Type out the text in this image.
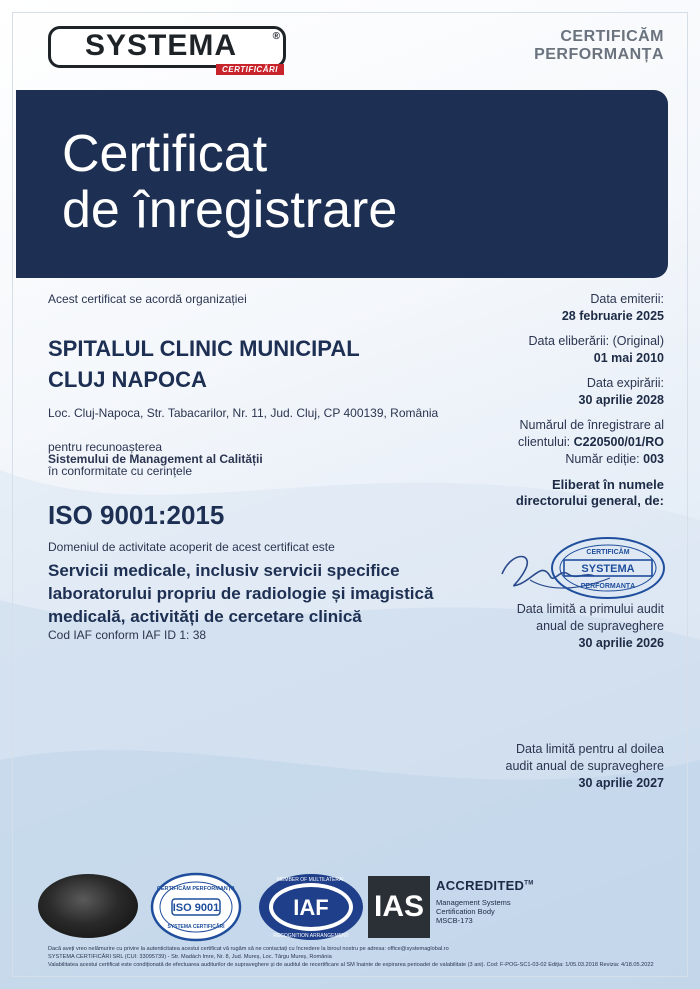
SYSTEMA	®
CERTIFICĂRI
CERTIFICĂM
PERFORMANȚA
Certificat
de înregistrare
Acest certificat se acordă organizației
SPITALUL CLINIC MUNICIPAL
CLUJ NAPOCA
Loc. Cluj-Napoca, Str. Tabacarilor, Nr. 11, Jud. Cluj, CP 400139, România
pentru recunoașterea
Sistemului de Management al Calității
în conformitate cu cerințele
ISO 9001:2015
Domeniul de activitate acoperit de acest certificat este
Servicii medicale, inclusiv servicii specifice
laboratorului propriu de radiologie și imagistică
medicală, activități de cercetare clinică
Cod IAF conform IAF ID 1: 38
Data emiterii:
28 februarie 2025
Data eliberării: (Original)
01 mai 2010
Data expirării:
30 aprilie 2028
Numărul de înregistrare al
clientului: C220500/01/RO
Număr ediție: 003
Eliberat în numele
directorului general, de:
SYSTEMA
CERTIFICĂM
PERFORMANȚA
Data limită a primului audit
anual de supraveghere
30 aprilie 2026
Data limită pentru al doilea
audit anual de supraveghere
30 aprilie 2027
ISO 9001
CERTIFICĂM PERFORMANȚA
SYSTEMA CERTIFICĂRI
IAF
MEMBER OF MULTILATERAL
RECOGNITION ARRANGEMENT
IAS
ACCREDITED™
Management Systems
Certification Body
MSCB-173
Dacă aveți vreo nelămurire cu privire la autenticitatea acestui certificat vă rugăm să ne contactați cu încredere la biroul nostru pe adresa: office@systemaglobal.ro
SYSTEMA CERTIFICĂRI SRL (CUI: 33095739) - Str. Madách Imre, Nr. 8, Jud. Mureș, Loc. Târgu Mureș, România
Valabilitatea acestui certificat este condiționată de efectuarea auditurilor de supraveghere și de auditul de recertificare al SM înainte de expirarea perioadei de valabilitate (3 ani). Cod: F-POG-SC1-03-02 Ediția: 1/05.03.2018 Revizia: 4/18.05.2022
